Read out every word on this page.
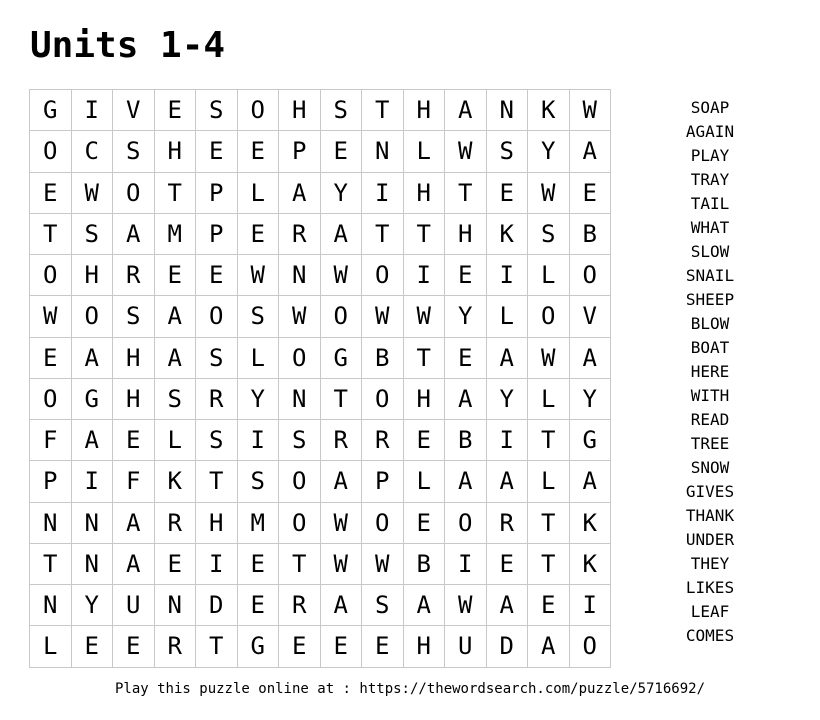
Units 1-4
G	I	V	E	S	O	H	S	T	H	A	N	K	W
O	C	S	H	E	E	P	E	N	L	W	S	Y	A
E	W	O	T	P	L	A	Y	I	H	T	E	W	E
T	S	A	M	P	E	R	A	T	T	H	K	S	B
O	H	R	E	E	W	N	W	O	I	E	I	L	O
W	O	S	A	O	S	W	O	W	W	Y	L	O	V
E	A	H	A	S	L	O	G	B	T	E	A	W	A
O	G	H	S	R	Y	N	T	O	H	A	Y	L	Y
F	A	E	L	S	I	S	R	R	E	B	I	T	G
P	I	F	K	T	S	O	A	P	L	A	A	L	A
N	N	A	R	H	M	O	W	O	E	O	R	T	K
T	N	A	E	I	E	T	W	W	B	I	E	T	K
N	Y	U	N	D	E	R	A	S	A	W	A	E	I
L	E	E	R	T	G	E	E	E	H	U	D	A	O
SOAP
AGAIN
PLAY
TRAY
TAIL
WHAT
SLOW
SNAIL
SHEEP
BLOW
BOAT
HERE
WITH
READ
TREE
SNOW
GIVES
THANK
UNDER
THEY
LIKES
LEAF
COMES
Play this puzzle online at : https://thewordsearch.com/puzzle/5716692/
